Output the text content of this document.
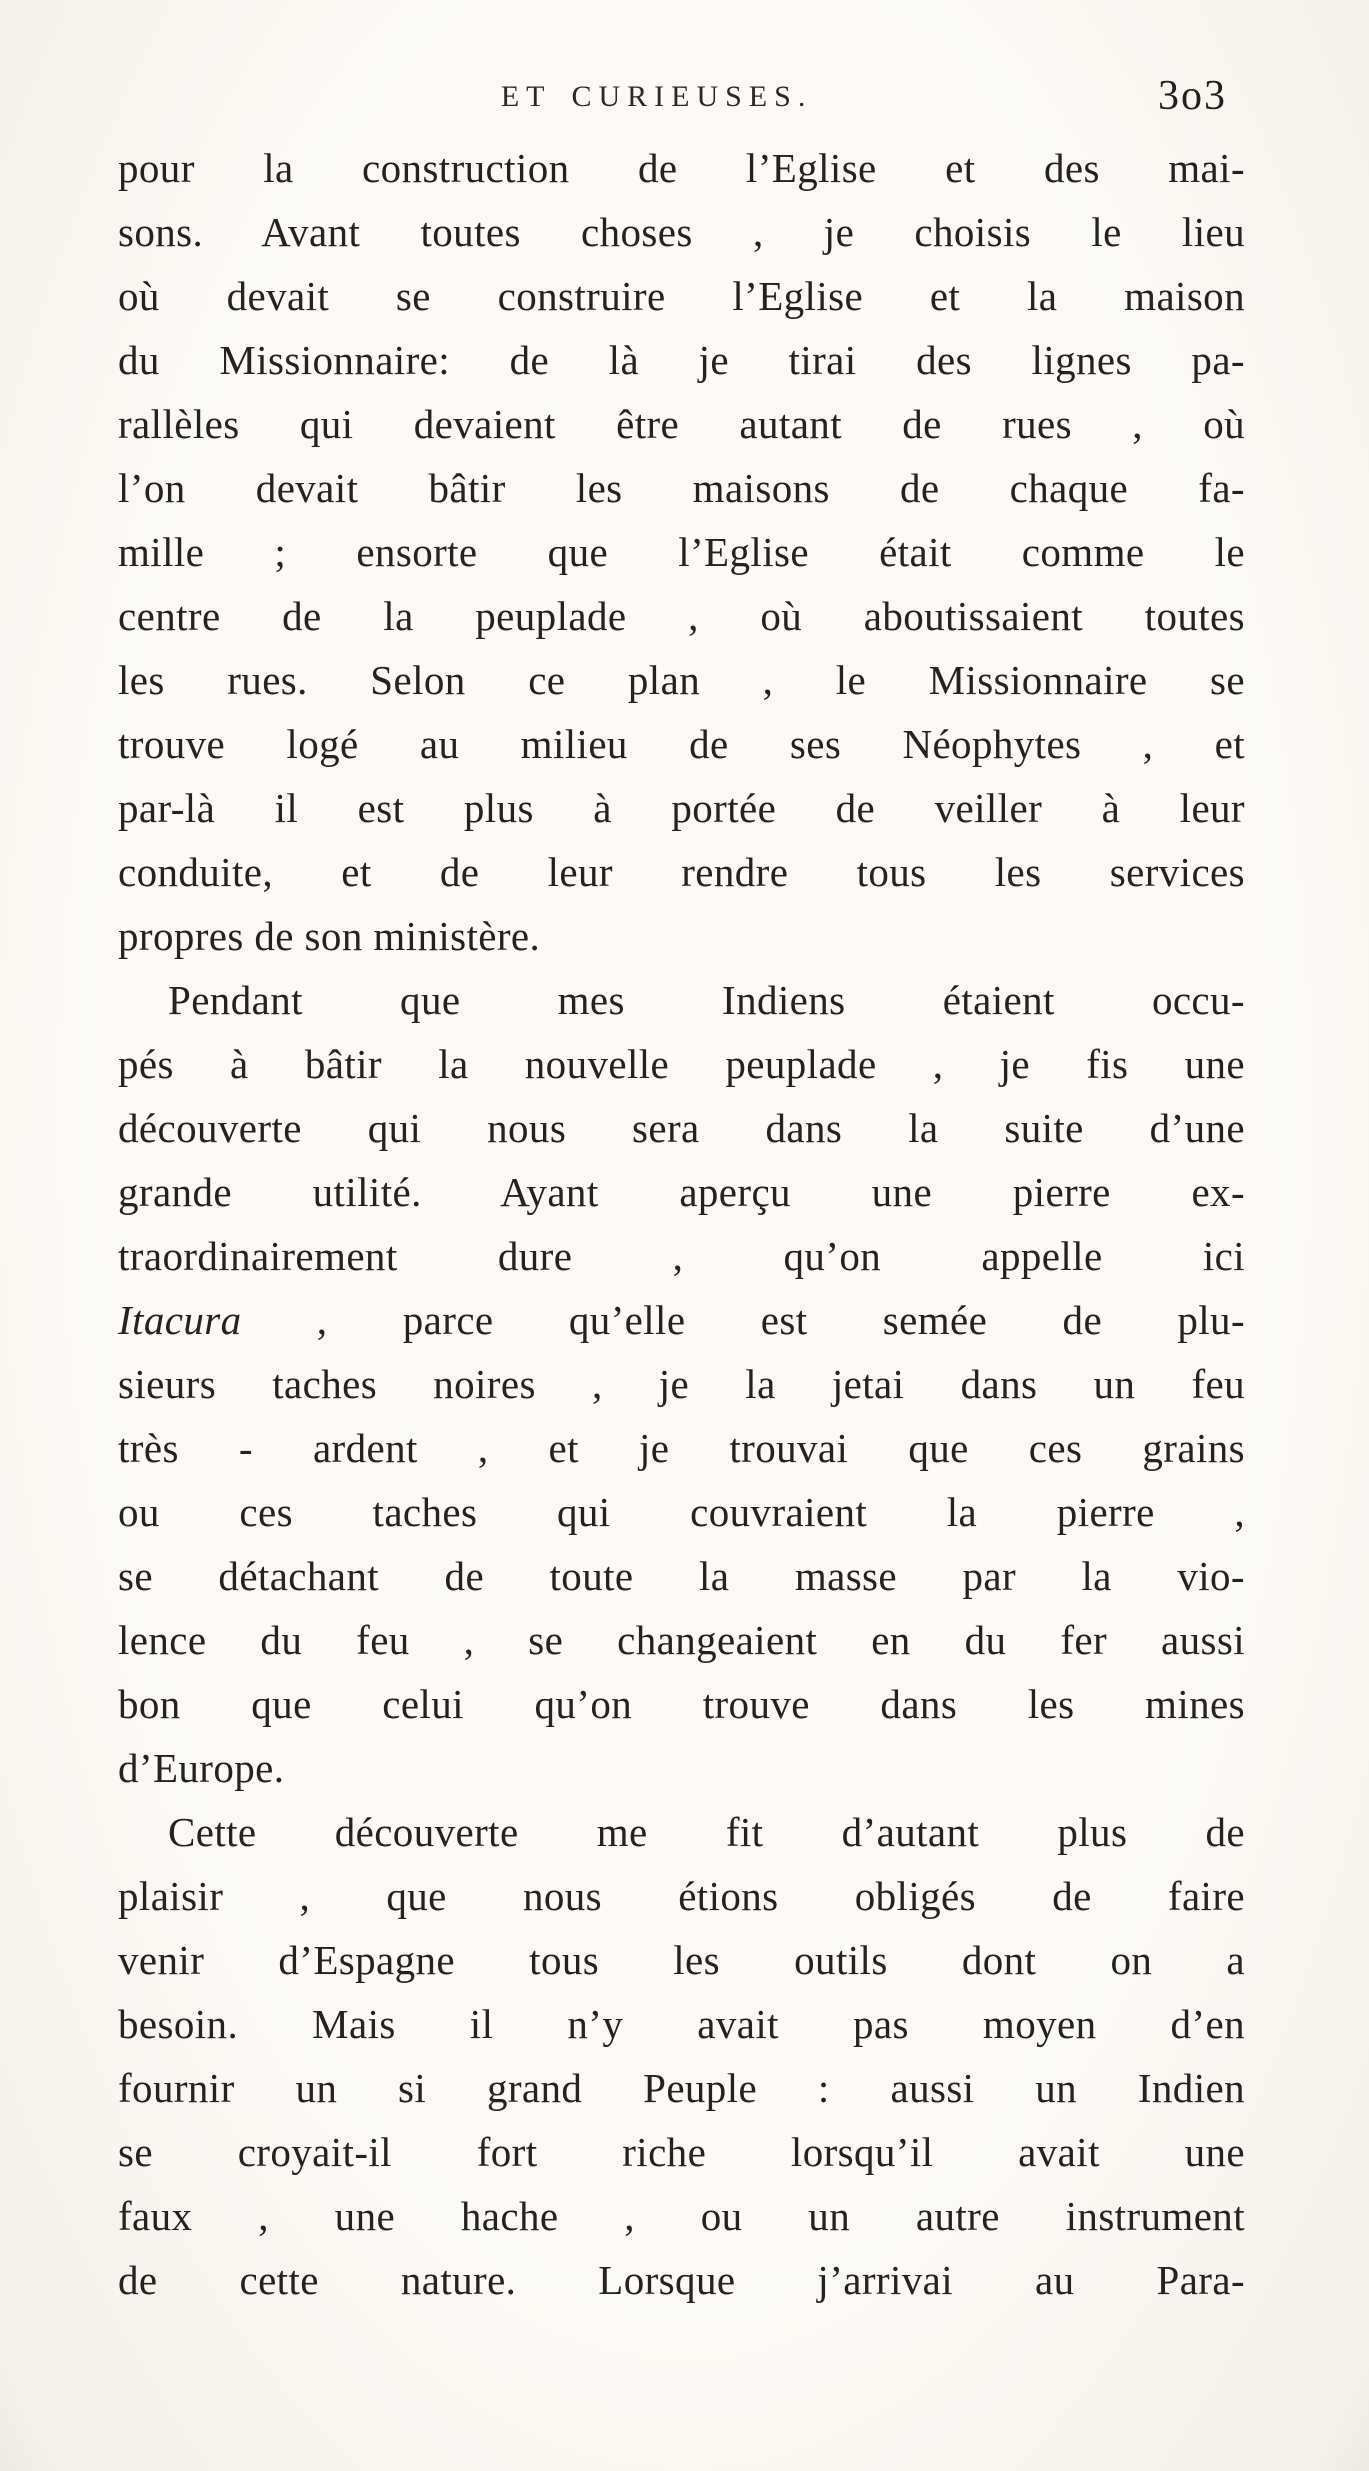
ET CURIEUSES.	3o3
pour la construction de l’Eglise et des mai-
sons. Avant toutes choses , je choisis le lieu
où devait se construire l’Eglise et la maison
du Missionnaire: de là je tirai des lignes pa-
rallèles qui devaient être autant de rues , où
l’on devait bâtir les maisons de chaque fa-
mille ; ensorte que l’Eglise était comme le
centre de la peuplade , où aboutissaient toutes
les rues. Selon ce plan , le Missionnaire se
trouve logé au milieu de ses Néophytes , et
par-là il est plus à portée de veiller à leur
conduite, et de leur rendre tous les services
propres de son ministère.
Pendant que mes Indiens étaient occu-
pés à bâtir la nouvelle peuplade , je fis une
découverte qui nous sera dans la suite d’une
grande utilité. Ayant aperçu une pierre ex-
traordinairement dure , qu’on appelle ici
Itacura , parce qu’elle est semée de plu-
sieurs taches noires , je la jetai dans un feu
très - ardent , et je trouvai que ces grains
ou ces taches qui couvraient la pierre ,
se détachant de toute la masse par la vio-
lence du feu , se changeaient en du fer aussi
bon que celui qu’on trouve dans les mines
d’Europe.
Cette découverte me fit d’autant plus de
plaisir , que nous étions obligés de faire
venir d’Espagne tous les outils dont on a
besoin. Mais il n’y avait pas moyen d’en
fournir un si grand Peuple : aussi un Indien
se croyait-il fort riche lorsqu’il avait une
faux , une hache , ou un autre instrument
de cette nature. Lorsque j’arrivai au Para-
